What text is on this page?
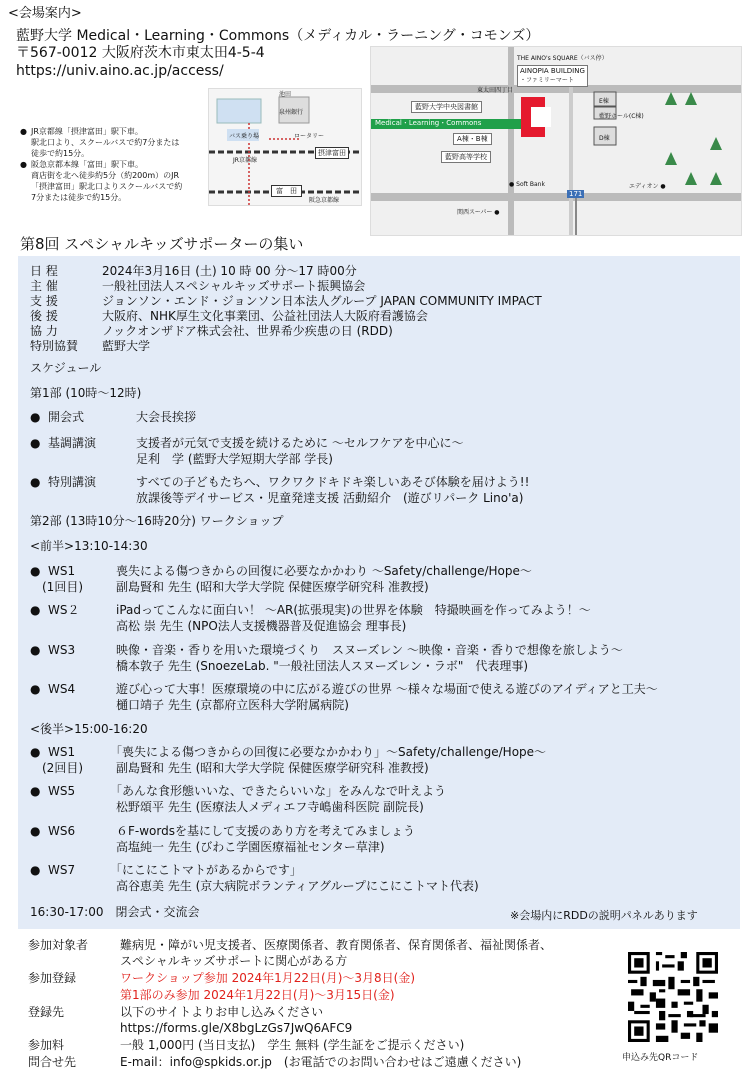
<会場案内>
藍野大学 Medical・Learning・Commons（メディカル・ラーニング・コモンズ）
〒567-0012 大阪府茨木市東太田4-5-4
https://univ.aino.ac.jp/access/
● JR京都線「摂津富田」駅下車。
駅北口より、スクールバスで約7分または
徒歩で約15分。
● 阪急京都本線「富田」駅下車。
商店街を北へ徒歩約5分（約200m）のJR
「摂津富田」駅北口よりスクールバスで約
7分または徒歩で約15分。
池田
泉州銀行
バス乗り場	ロータリー
JR京都線
摂津富田
富　田
阪急京都線
THE AINO's SQUARE（バス停）
AINOPIA BUILDING
・ファミリーマート
東太田四丁目
藍野大学中央図書館
Medical・Learning・Commons
A棟・B棟
藍野高等学校
E棟
藍野ホール(C棟)
D棟
● Soft Bank	エディオン ●
関西スーパー ●
171
第8回 スペシャルキッズサポーターの集い
日 程	2024年3月16日 (土) 10 時 00 分～17 時00分
主 催	一般社団法人スペシャルキッズサポート振興協会
支 援	ジョンソン・エンド・ジョンソン日本法人グループ JAPAN COMMUNITY IMPACT
後 援	大阪府、NHK厚生文化事業団、公益社団法人大阪府看護協会
協 力	ノックオンザドア株式会社、世界希少疾患の日 (RDD)
特別協賛	藍野大学
スケジュール
第1部 (10時～12時)
● 開会式	大会長挨拶
● 基調講演	支援者が元気で支援を続けるために ～セルフケアを中心に～
足利　学 (藍野大学短期大学部 学長)
● 特別講演	すべての子どもたちへ、ワクワクドキドキ楽しいあそび体験を届けよう!!
放課後等デイサービス・児童発達支援 活動紹介　(遊びリパーク Lino'a)
第2部 (13時10分～16時20分) ワークショップ
<前半>13:10-14:30
● WS1
(1回目)
喪失による傷つきからの回復に必要なかかわり ～Safety/challenge/Hope～
副島賢和 先生 (昭和大学大学院 保健医療学研究科 准教授)
● WS２	iPadってこんなに面白い！ ～AR(拡張現実)の世界を体験　特撮映画を作ってみよう！～
高松 崇 先生 (NPO法人支援機器普及促進協会 理事長)
● WS3	映像・音楽・香りを用いた環境づくり　スヌーズレン ～映像・音楽・香りで想像を旅しよう～
橋本敦子 先生 (SnoezeLab. "一般社団法人スヌーズレン・ラボ"　代表理事)
● WS4	遊び心って大事！医療環境の中に広がる遊びの世界 ～様々な場面で使える遊びのアイディアと工夫～
樋口靖子 先生 (京都府立医科大学附属病院)
<後半>15:00-16:20
● WS1
(2回目)
「喪失による傷つきからの回復に必要なかかわり」～Safety/challenge/Hope～
副島賢和 先生 (昭和大学大学院 保健医療学研究科 准教授)
● WS5	「あんな食形態いいな、できたらいいな」をみんなで叶えよう
松野頌平 先生 (医療法人メディエフ寺嶋歯科医院 副院長)
● WS6	６F-wordsを基にして支援のあり方を考えてみましょう
高塩純一 先生 (びわこ学園医療福祉センター草津)
● WS7	「にこにこトマトがあるからです」
高谷恵美 先生 (京大病院ボランティアグループにこにこトマト代表)
16:30-17:00　閉会式・交流会	※会場内にRDDの説明パネルあります
参加対象者	難病児・障がい児支援者、医療関係者、教育関係者、保育関係者、福祉関係者、
スペシャルキッズサポートに関心がある方
参加登録	ワークショップ参加 2024年1月22日(月)～3月8日(金)
第1部のみ参加 2024年1月22日(月)～3月15日(金)
登録先	以下のサイトよりお申し込みください
https://forms.gle/X8bgLzGs7JwQ6AFC9
参加料	一般 1,000円 (当日支払)　学生 無料 (学生証をご提示ください)
問合せ先	E-mail：info@spkids.or.jp　(お電話でのお問い合わせはご遠慮ください)	申込み先QRコード
